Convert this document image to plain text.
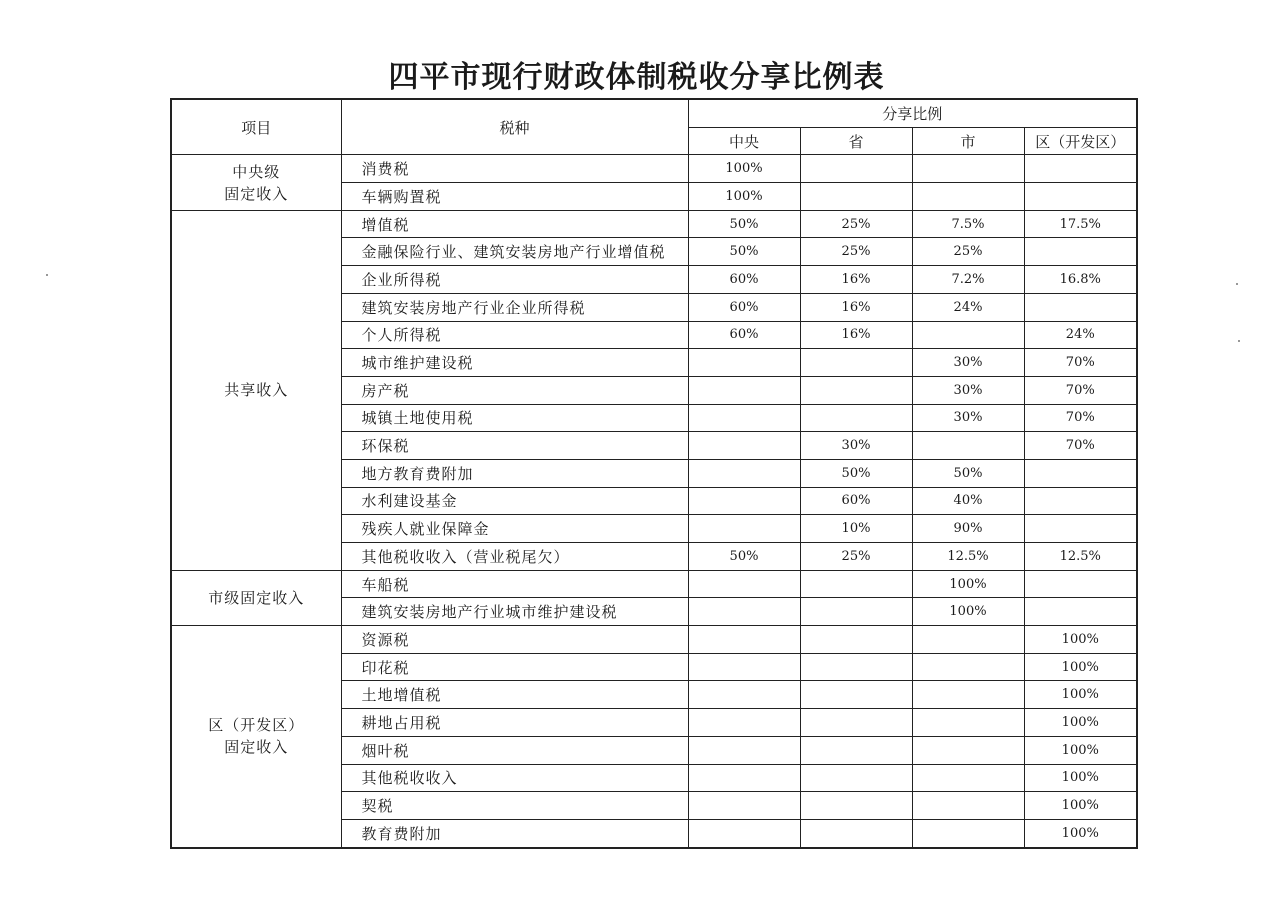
四平市现行财政体制税收分享比例表
项目	税种	分享比例			
		中央	省	市	区（开发区）

中央级
固定收入	消费税	100%			
	车辆购置税	100%			

共享收入	增值税	50%	25%	7.5%	17.5%
	金融保险行业、建筑安装房地产行业增值税	50%	25%	25%	
	企业所得税	60%	16%	7.2%	16.8%
	建筑安装房地产行业企业所得税	60%	16%	24%	
	个人所得税	60%	16%		24%
	城市维护建设税			30%	70%
	房产税			30%	70%
	城镇土地使用税			30%	70%
	环保税		30%		70%
	地方教育费附加		50%	50%	
	水利建设基金		60%	40%	
	残疾人就业保障金		10%	90%	
	其他税收收入（营业税尾欠）	50%	25%	12.5%	12.5%

市级固定收入	车船税			100%	
	建筑安装房地产行业城市维护建设税			100%	

区（开发区）
固定收入	资源税				100%
	印花税				100%
	土地增值税				100%
	耕地占用税				100%
	烟叶税				100%
	其他税收收入				100%
	契税				100%
	教育费附加				100%
